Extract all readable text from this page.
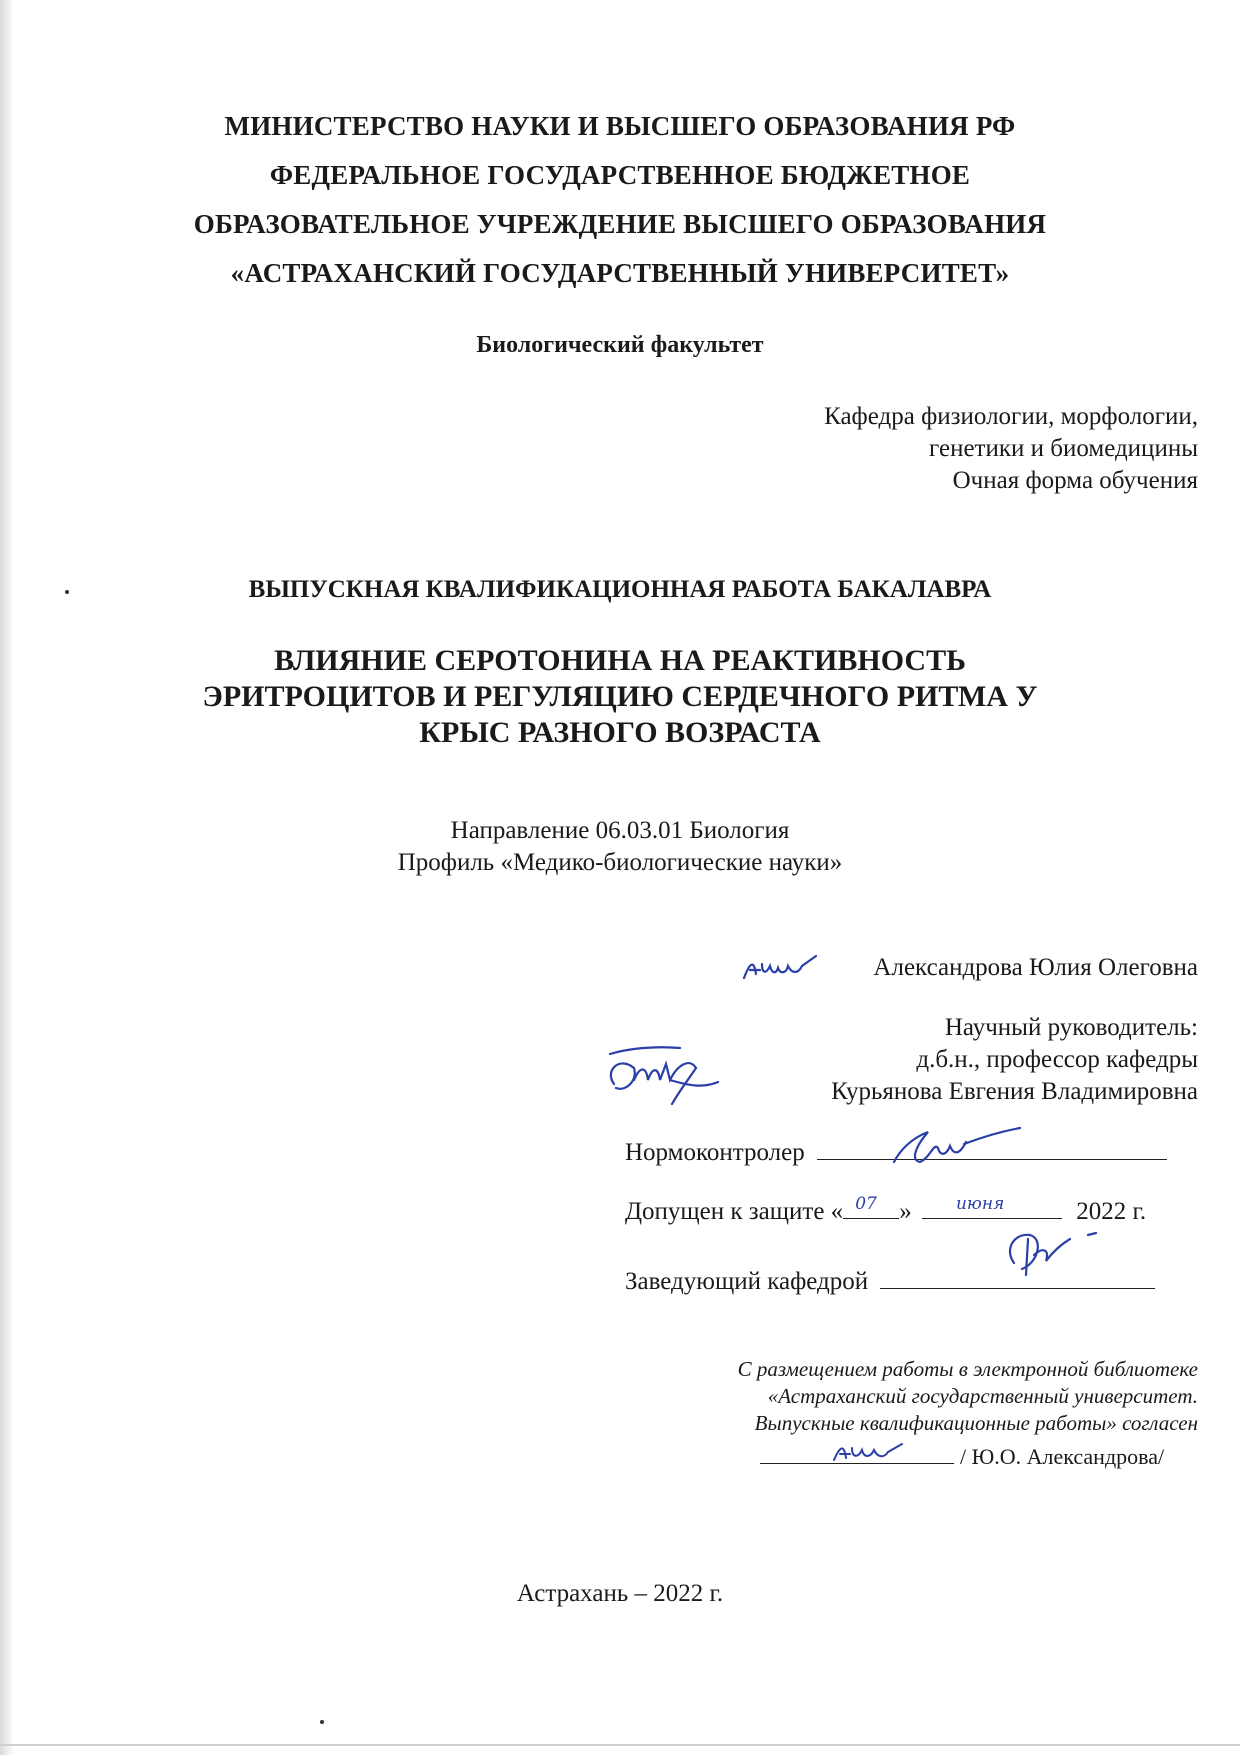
МИНИСТЕРСТВО НАУКИ И ВЫСШЕГО ОБРАЗОВАНИЯ РФ
ФЕДЕРАЛЬНОЕ ГОСУДАРСТВЕННОЕ БЮДЖЕТНОЕ
ОБРАЗОВАТЕЛЬНОЕ УЧРЕЖДЕНИЕ ВЫСШЕГО ОБРАЗОВАНИЯ
«АСТРАХАНСКИЙ ГОСУДАРСТВЕННЫЙ УНИВЕРСИТЕТ»
Биологический факультет
Кафедра физиологии, морфологии,
генетики и биомедицины
Очная форма обучения
ВЫПУСКНАЯ КВАЛИФИКАЦИОННАЯ РАБОТА БАКАЛАВРА
ВЛИЯНИЕ СЕРОТОНИНА НА РЕАКТИВНОСТЬ
ЭРИТРОЦИТОВ И РЕГУЛЯЦИЮ СЕРДЕЧНОГО РИТМА У
КРЫС РАЗНОГО ВОЗРАСТА
Направление 06.03.01 Биология
Профиль «Медико-биологические науки»
Александрова Юлия Олеговна
Научный руководитель:
д.б.н., профессор кафедры
Курьянова Евгения Владимировна
Нормоконтролер
Допущен к защите « 07 »	июня	2022 г.
Заведующий кафедрой
С размещением работы в электронной библиотеке
«Астраханский государственный университет.
Выпускные квалификационные работы» согласен
/ Ю.О. Александрова/
Астрахань – 2022 г.
